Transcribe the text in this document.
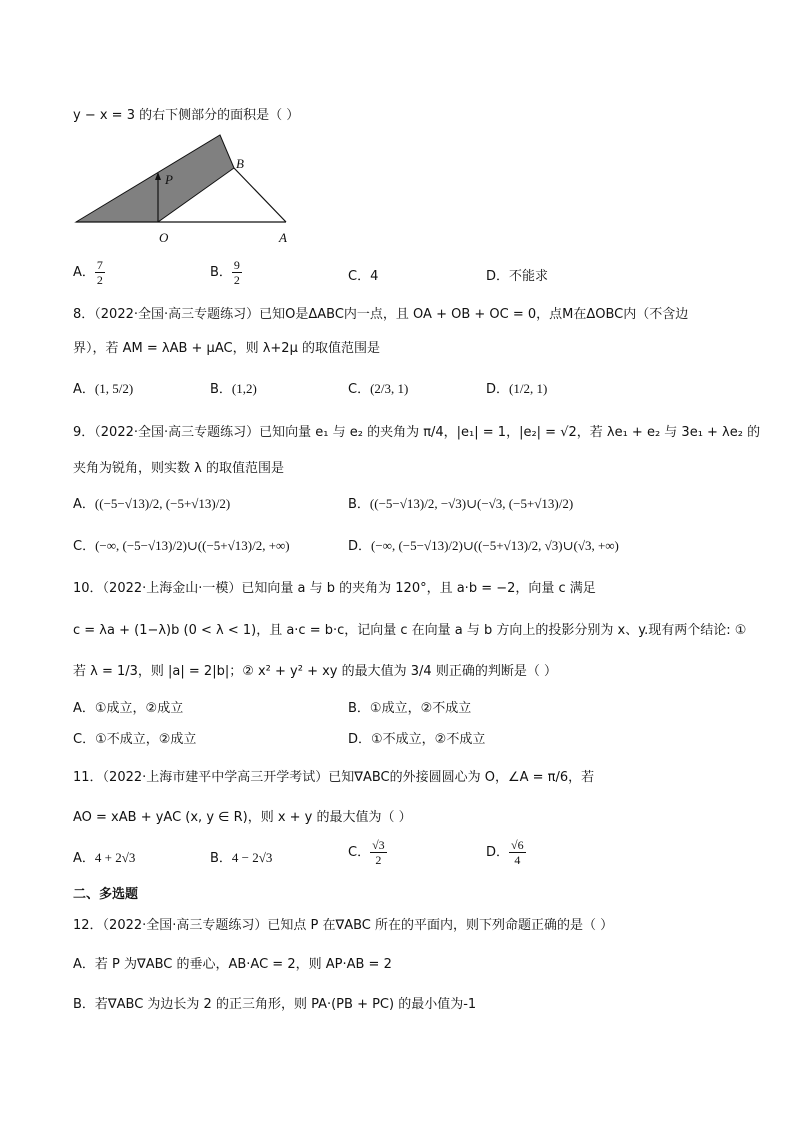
y − x = 3 的右下侧部分的面积是（ ）
B
P
O	A
A． $\frac{7}{2}$	B． $\frac{9}{2}$	C．4	D．不能求
8．（2022·全国·高三专题练习）已知O是ΔABC内一点，且 OA + OB + OC = 0，点M在ΔOBC内（不含边
界），若 AM = λAB + μAC，则 λ+2μ 的取值范围是
A．(1, 5/2)	B．(1,2)	C．(2/3, 1)	D．(1/2, 1)
9．（2022·全国·高三专题练习）已知向量 e₁ 与 e₂ 的夹角为 π/4，|e₁| = 1，|e₂| = √2，若 λe₁ + e₂ 与 3e₁ + λe₂ 的
夹角为锐角，则实数 λ 的取值范围是
A．((−5−√13)/2, (−5+√13)/2)	B．((−5−√13)/2, −√3)∪(−√3, (−5+√13)/2)
C．(−∞, (−5−√13)/2)∪((−5+√13)/2, +∞)	D．(−∞, (−5−√13)/2)∪((−5+√13)/2, √3)∪(√3, +∞)
10．（2022·上海金山·一模）已知向量 a 与 b 的夹角为 120°，且 a·b = −2，向量 c 满足
c = λa + (1−λ)b (0 < λ < 1)，且 a·c = b·c，记向量 c 在向量 a 与 b 方向上的投影分别为 x、y.现有两个结论: ①
若 λ = 1/3，则 |a| = 2|b|；② x² + y² + xy 的最大值为 3/4 则正确的判断是（ ）
A．①成立，②成立	B．①成立，②不成立
C．①不成立，②成立	D．①不成立，②不成立
11．（2022·上海市建平中学高三开学考试）已知∇ABC的外接圆圆心为 O，∠A = π/6，若
AO = xAB + yAC (x, y ∈ R)，则 x + y 的最大值为（ ）
A．4 + 2√3	B．4 − 2√3	C． $\frac{√3}{2}$	D． $\frac{√6}{4}$
二、多选题
12．（2022·全国·高三专题练习）已知点 P 在∇ABC 所在的平面内，则下列命题正确的是（ ）
A．若 P 为∇ABC 的垂心，AB·AC = 2，则 AP·AB = 2
B．若∇ABC 为边长为 2 的正三角形，则 PA·(PB + PC) 的最小值为-1
